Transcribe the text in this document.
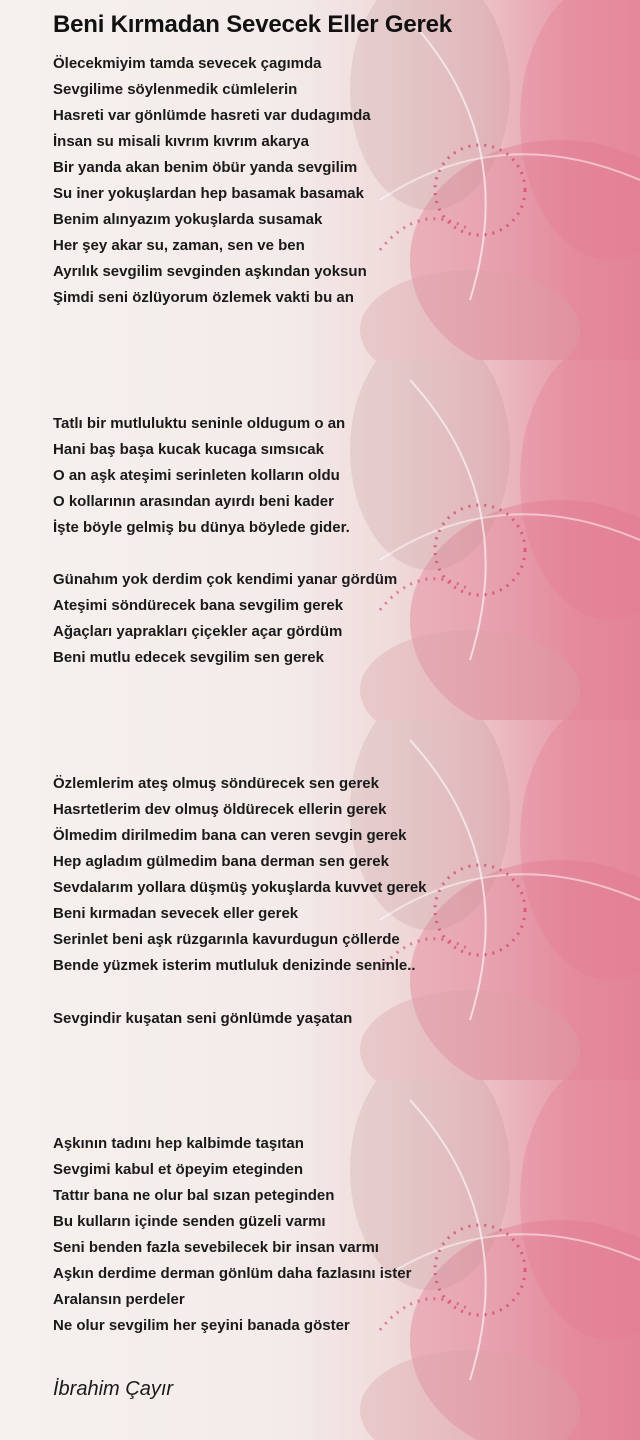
Beni Kırmadan Sevecek Eller Gerek
Ölecekmiyim tamda sevecek çagımda
Sevgilime söylenmedik cümlelerin
Hasreti var gönlümde hasreti var dudagımda
İnsan su misali kıvrım kıvrım akarya
Bir yanda akan benim öbür yanda sevgilim
Su iner yokuşlardan hep basamak basamak
Benim alınyazım yokuşlarda susamak
Her şey akar su, zaman, sen ve ben
Ayrılık sevgilim sevginden aşkından yoksun
Şimdi seni özlüyorum özlemek vakti bu an
Tatlı bir mutluluktu seninle oldugum o an
Hani baş başa kucak kucaga sımsıcak
O an aşk ateşimi serinleten kolların oldu
O kollarının arasından ayırdı beni kader
İşte böyle gelmiş bu dünya böylede gider.
Günahım yok derdim çok kendimi yanar gördüm
Ateşimi söndürecek bana sevgilim gerek
Ağaçları yaprakları çiçekler açar gördüm
Beni mutlu edecek sevgilim sen gerek
Özlemlerim ateş olmuş söndürecek sen gerek
Hasrtetlerim dev olmuş öldürecek ellerin gerek
Ölmedim dirilmedim bana can veren sevgin gerek
Hep agladım gülmedim bana derman sen gerek
Sevdalarım yollara düşmüş yokuşlarda kuvvet gerek
Beni kırmadan sevecek eller gerek
Serinlet beni aşk rüzgarınla kavurdugun çöllerde
Bende yüzmek isterim mutluluk denizinde seninle..
Sevgindir kuşatan seni gönlümde yaşatan
Aşkının tadını hep kalbimde taşıtan
Sevgimi kabul et öpeyim eteginden
Tattır bana ne olur bal sızan peteginden
Bu kulların içinde senden güzeli varmı
Seni benden fazla sevebilecek bir insan varmı
Aşkın derdime derman gönlüm daha fazlasını ister
Aralansın perdeler
Ne olur sevgilim her şeyini banada göster
İbrahim Çayır
